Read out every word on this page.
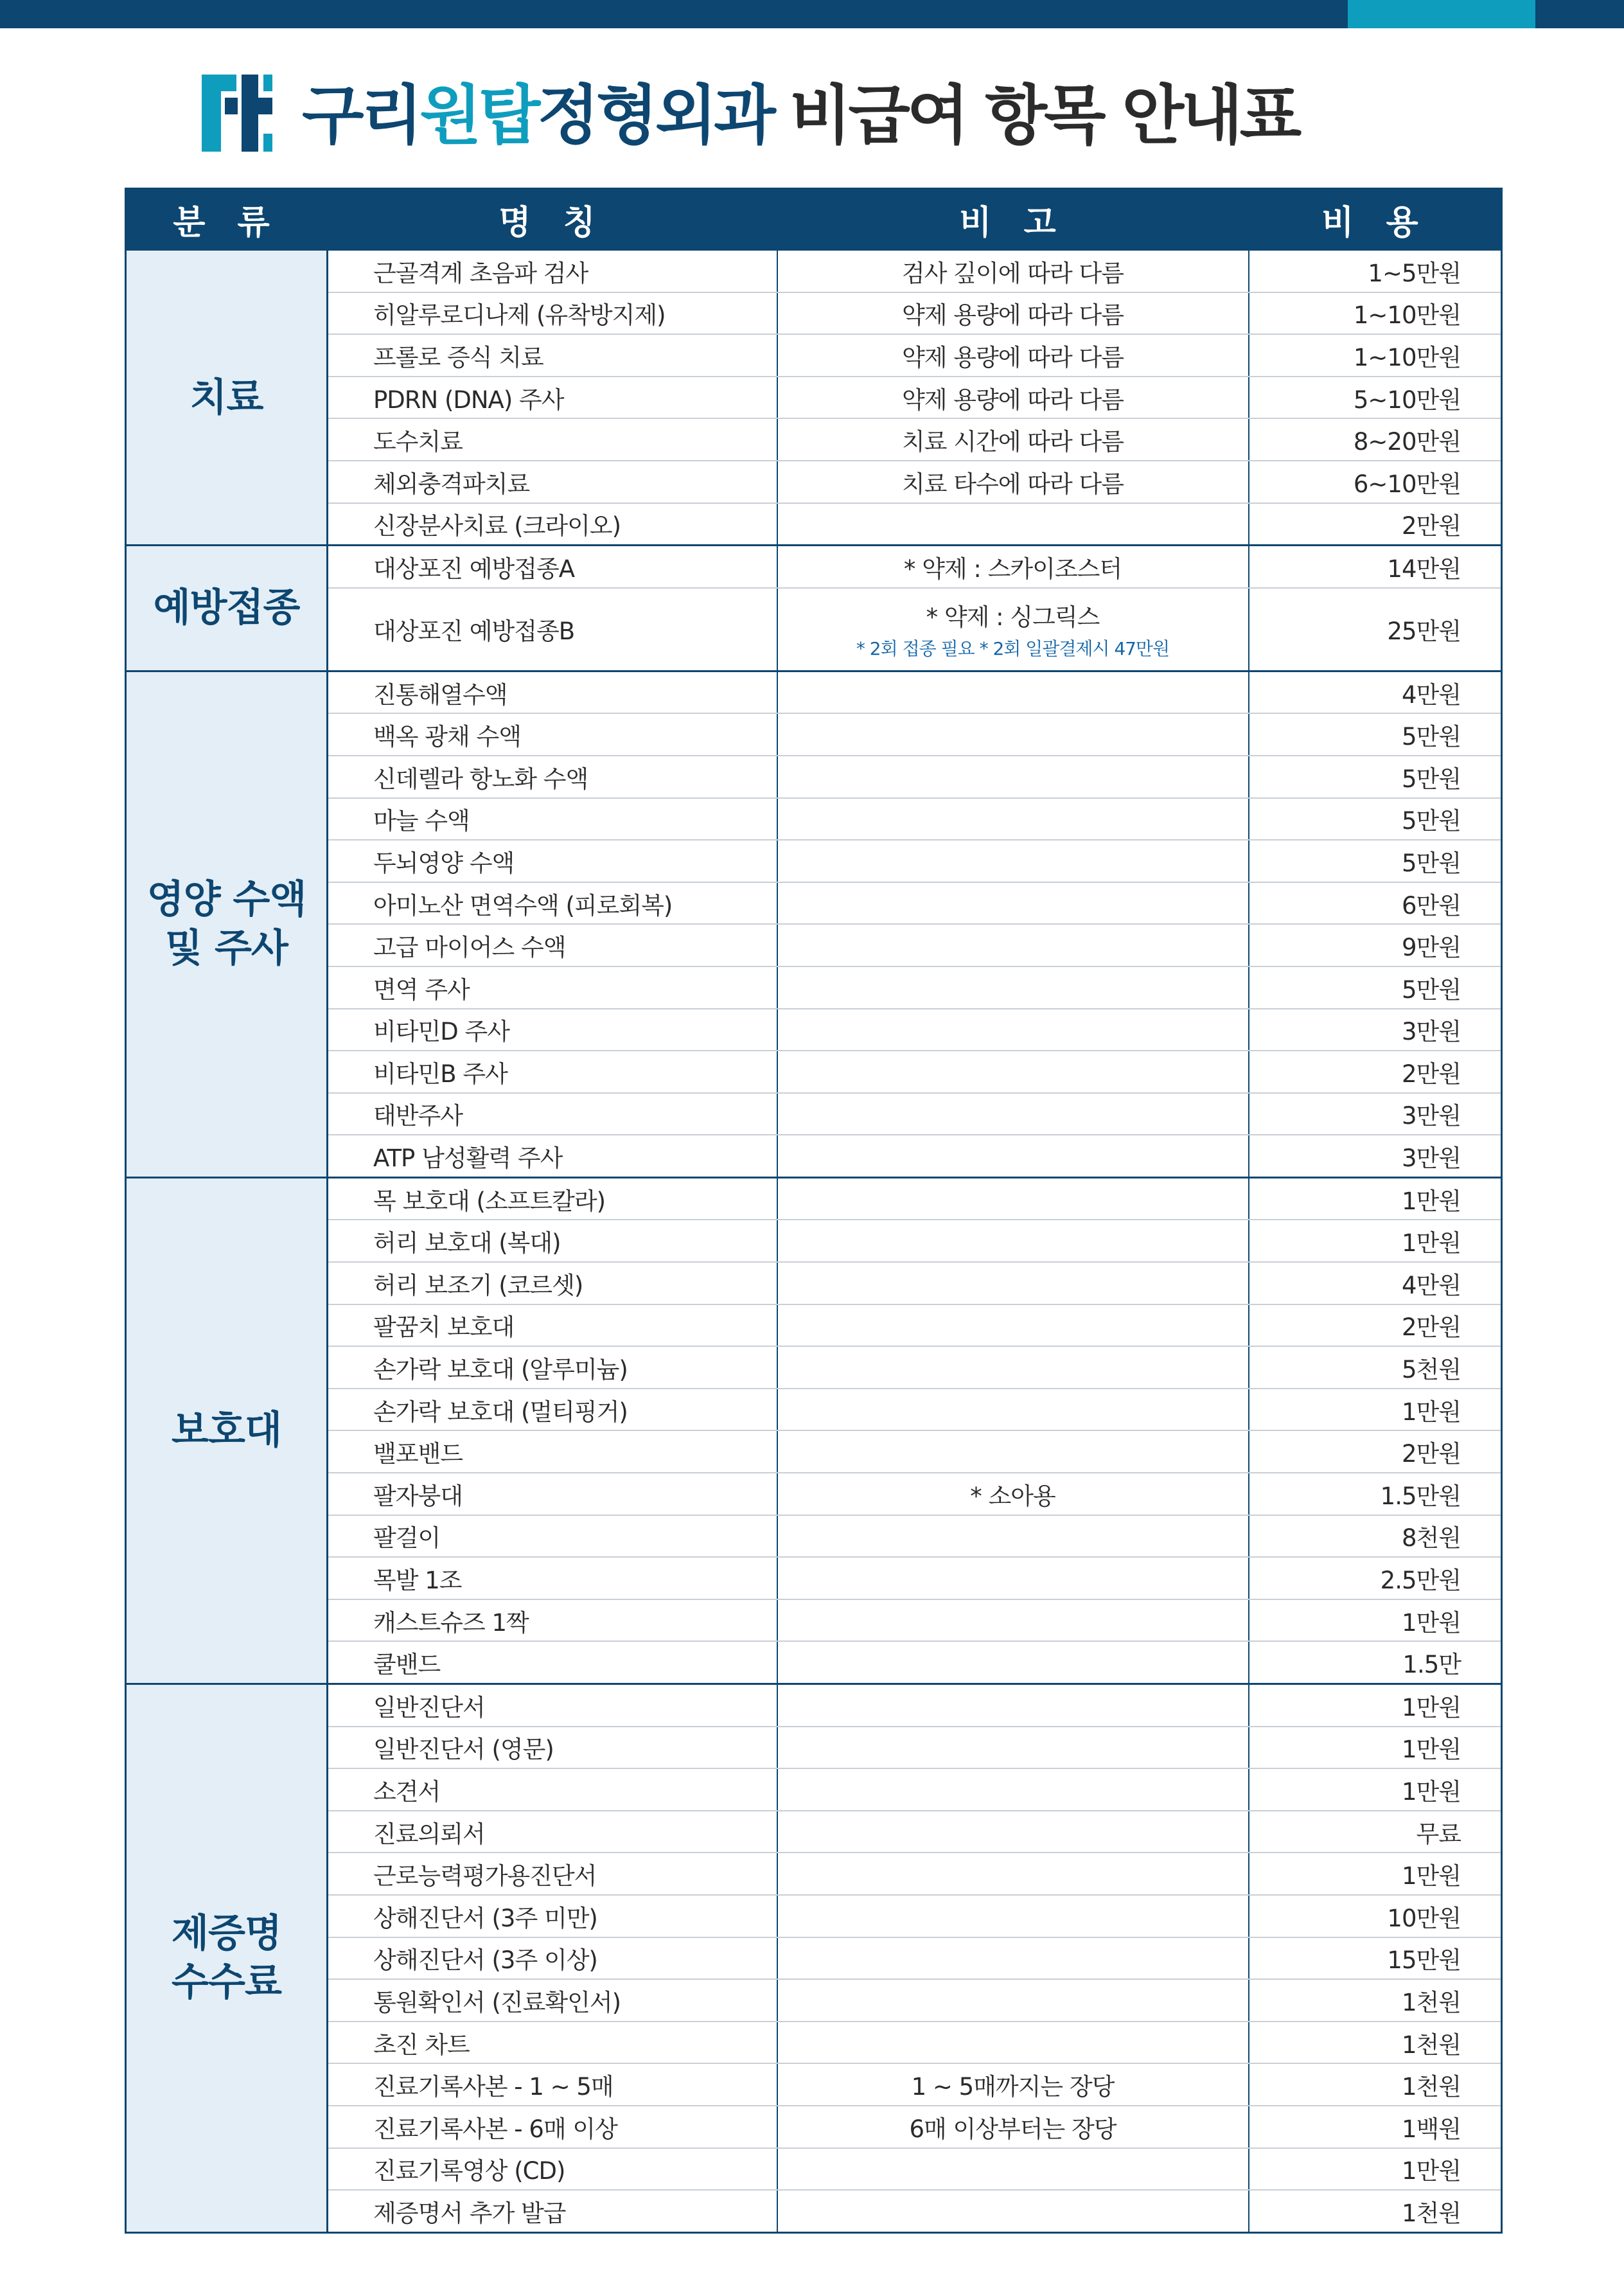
구리 원탑 정형외과 비급여 항목 안내표
분 류	명 칭	비 고	비 용
치료	근골격계 초음파 검사	검사 깊이에 따라 다름	1~5만원
	히알루로디나제 (유착방지제)	약제 용량에 따라 다름	1~10만원
	프롤로 증식 치료	약제 용량에 따라 다름	1~10만원
	PDRN (DNA) 주사	약제 용량에 따라 다름	5~10만원
	도수치료	치료 시간에 따라 다름	8~20만원
	체외충격파치료	치료 타수에 따라 다름	6~10만원
	신장분사치료 (크라이오)		2만원
예방접종	대상포진 예방접종A	* 약제 : 스카이조스터	14만원
	대상포진 예방접종B	* 약제 : 싱그릭스
* 2회 접종 필요 * 2회 일괄결제시 47만원	25만원
영양 수액
및 주사	진통해열수액		4만원
	백옥 광채 수액		5만원
	신데렐라 항노화 수액		5만원
	마늘 수액		5만원
	두뇌영양 수액		5만원
	아미노산 면역수액 (피로회복)		6만원
	고급 마이어스 수액		9만원
	면역 주사		5만원
	비타민D 주사		3만원
	비타민B 주사		2만원
	태반주사		3만원
	ATP 남성활력 주사		3만원
보호대	목 보호대 (소프트칼라)		1만원
	허리 보호대 (복대)		1만원
	허리 보조기 (코르셋)		4만원
	팔꿈치 보호대		2만원
	손가락 보호대 (알루미늄)		5천원
	손가락 보호대 (멀티핑거)		1만원
	밸포밴드		2만원
	팔자붕대	* 소아용	1.5만원
	팔걸이		8천원
	목발 1조		2.5만원
	캐스트슈즈 1짝		1만원
	쿨밴드		1.5만
제증명
수수료	일반진단서		1만원
	일반진단서 (영문)		1만원
	소견서		1만원
	진료의뢰서		무료
	근로능력평가용진단서		1만원
	상해진단서 (3주 미만)		10만원
	상해진단서 (3주 이상)		15만원
	통원확인서 (진료확인서)		1천원
	초진 차트		1천원
	진료기록사본 - 1 ~ 5매	1 ~ 5매까지는 장당	1천원
	진료기록사본 - 6매 이상	6매 이상부터는 장당	1백원
	진료기록영상 (CD)		1만원
	제증명서 추가 발급		1천원
